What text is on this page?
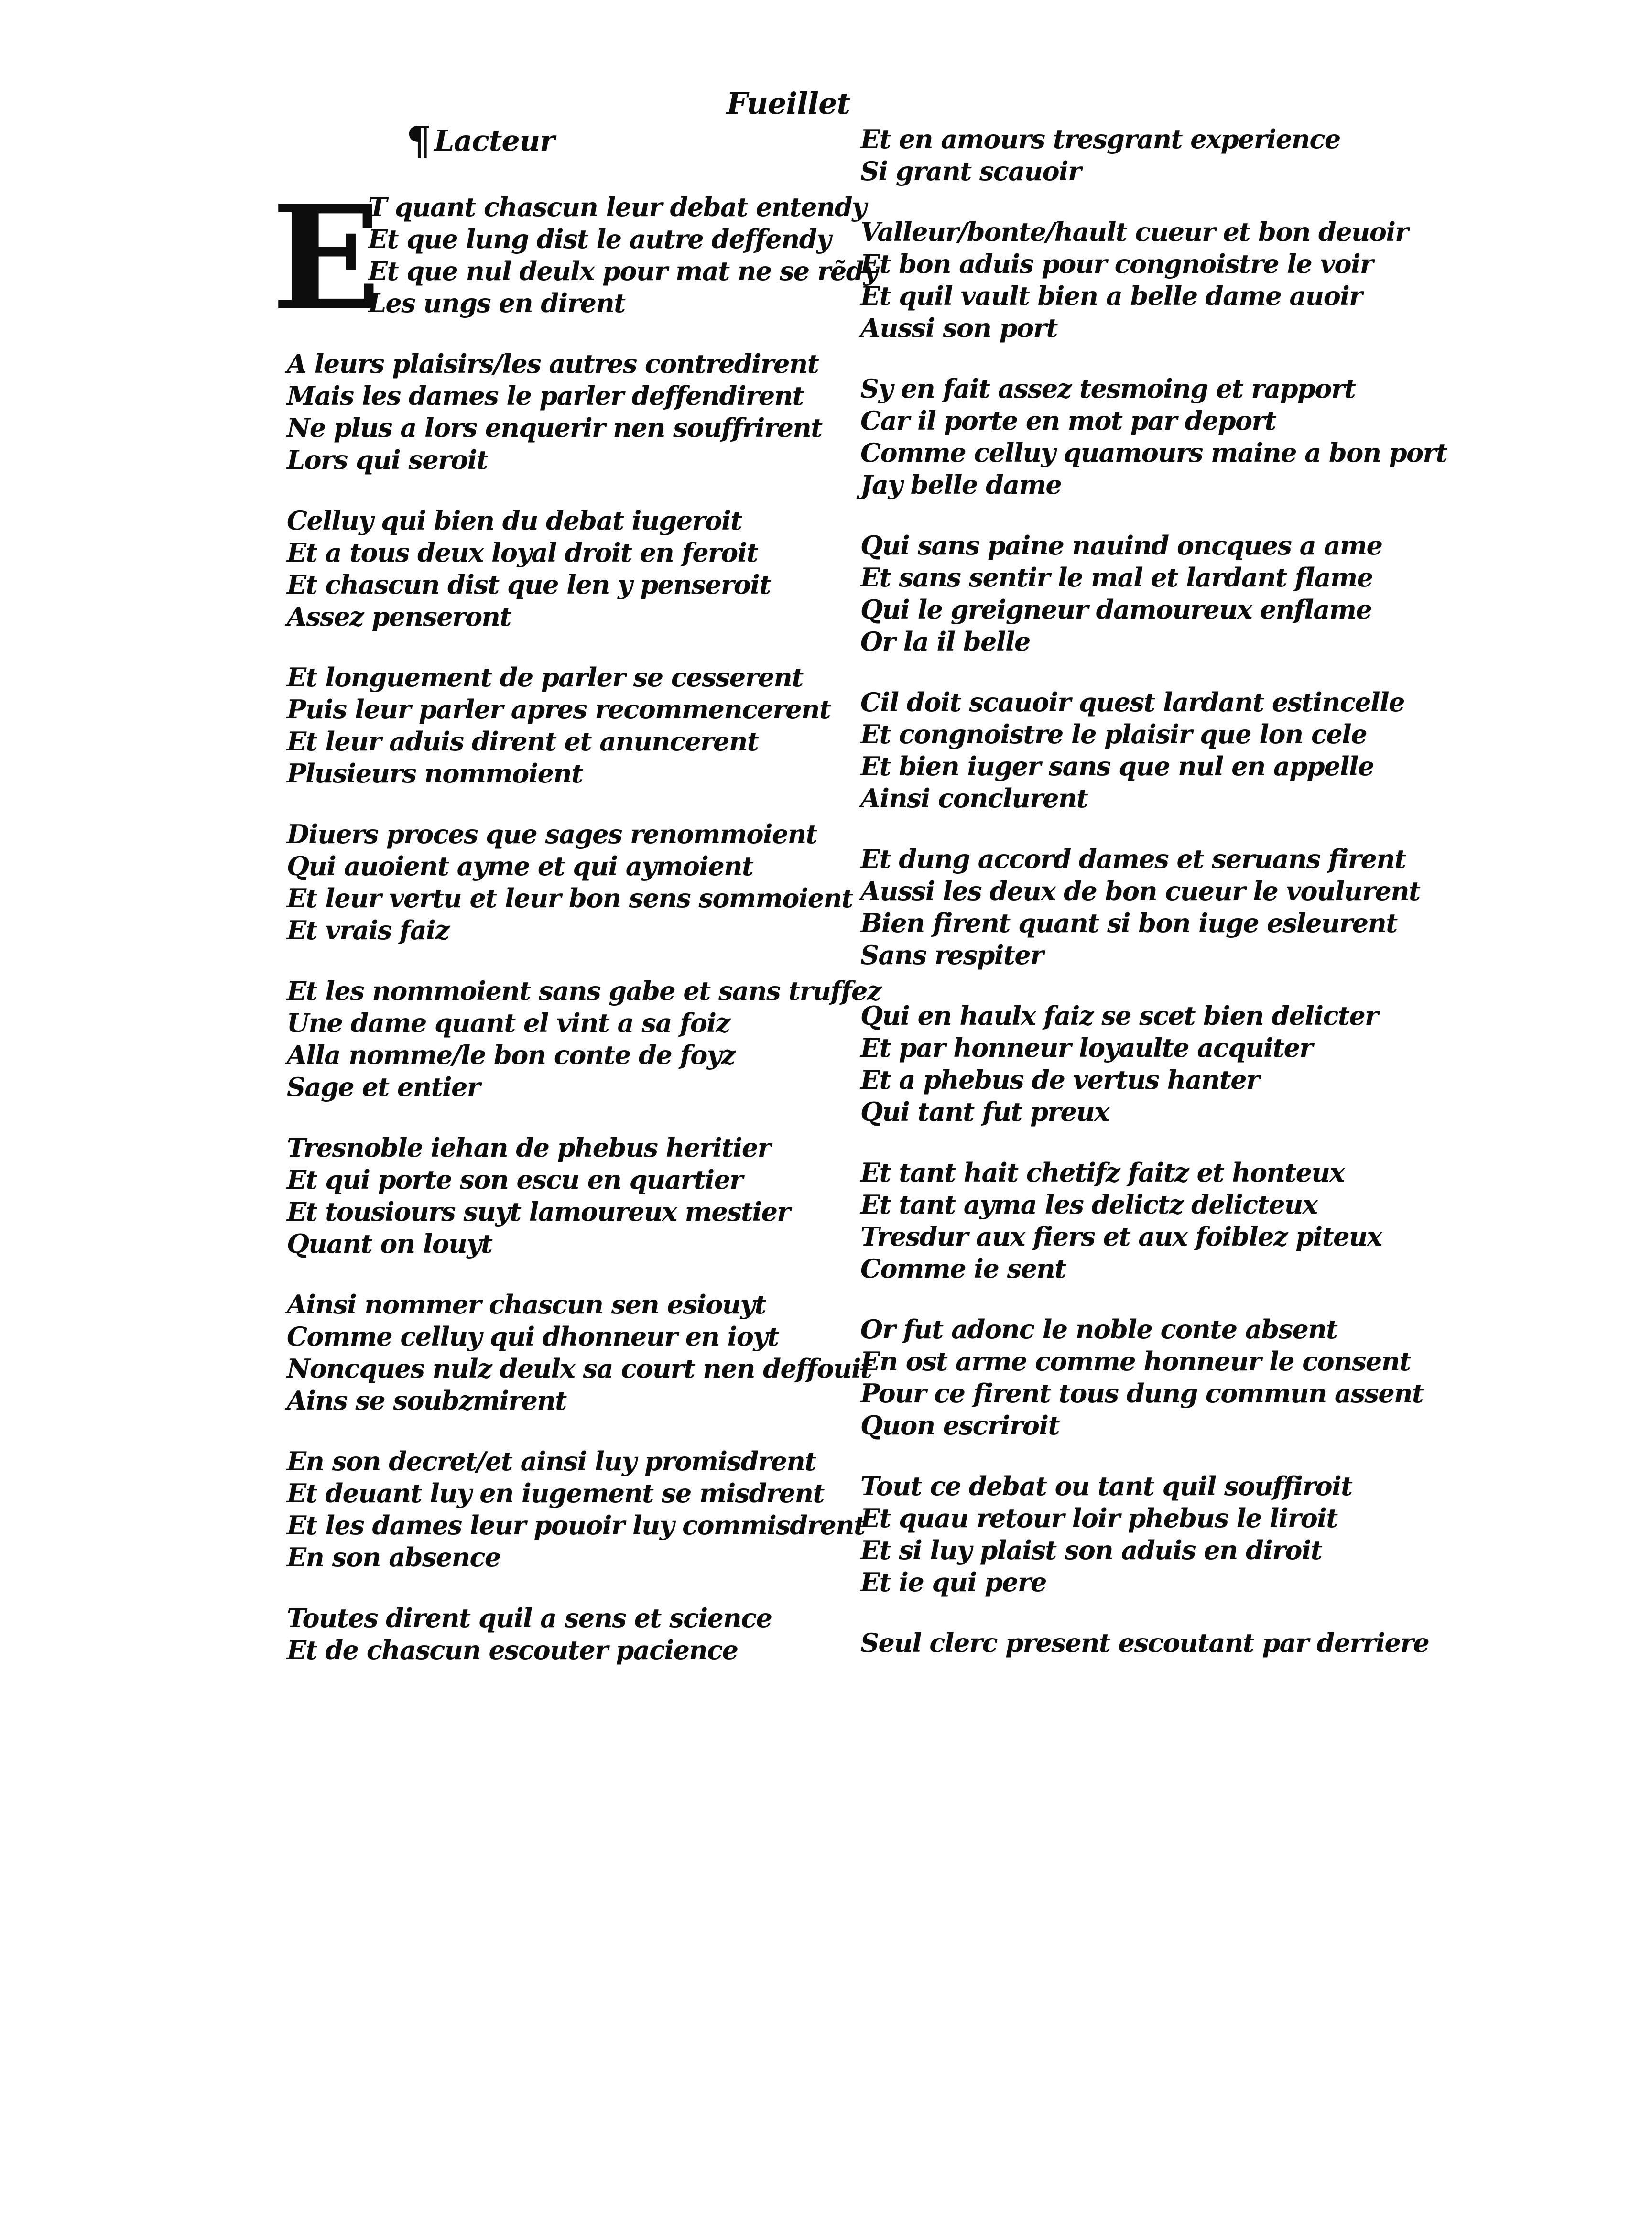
Fueillet
¶ Lacteur
E
T quant chascun leur debat entendy
Et que lung dist le autre deffendy
Et que nul deulx pour mat ne se rẽdy
Les ungs en dirent
A leurs plaisirs/les autres contredirent
Mais les dames le parler deffendirent
Ne plus a lors enquerir nen souffrirent
Lors qui seroit
Celluy qui bien du debat iugeroit
Et a tous deux loyal droit en feroit
Et chascun dist que len y penseroit
Assez penseront
Et longuement de parler se cesserent
Puis leur parler apres recommencerent
Et leur aduis dirent et anuncerent
Plusieurs nommoient
Diuers proces que sages renommoient
Qui auoient ayme et qui aymoient
Et leur vertu et leur bon sens sommoient
Et vrais faiz
Et les nommoient sans gabe et sans truffez
Une dame quant el vint a sa foiz
Alla nomme/le bon conte de foyz
Sage et entier
Tresnoble iehan de phebus heritier
Et qui porte son escu en quartier
Et tousiours suyt lamoureux mestier
Quant on louyt
Ainsi nommer chascun sen esiouyt
Comme celluy qui dhonneur en ioyt
Noncques nulz deulx sa court nen deffouit
Ains se soubzmirent
En son decret/et ainsi luy promisdrent
Et deuant luy en iugement se misdrent
Et les dames leur pouoir luy commisdrent
En son absence
Toutes dirent quil a sens et science
Et de chascun escouter pacience
Et en amours tresgrant experience
Si grant scauoir
Valleur/bonte/hault cueur et bon deuoir
Et bon aduis pour congnoistre le voir
Et quil vault bien a belle dame auoir
Aussi son port
Sy en fait assez tesmoing et rapport
Car il porte en mot par deport
Comme celluy quamours maine a bon port
Jay belle dame
Qui sans paine nauind oncques a ame
Et sans sentir le mal et lardant flame
Qui le greigneur damoureux enflame
Or la il belle
Cil doit scauoir quest lardant estincelle
Et congnoistre le plaisir que lon cele
Et bien iuger sans que nul en appelle
Ainsi conclurent
Et dung accord dames et seruans firent
Aussi les deux de bon cueur le voulurent
Bien firent quant si bon iuge esleurent
Sans respiter
Qui en haulx faiz se scet bien delicter
Et par honneur loyaulte acquiter
Et a phebus de vertus hanter
Qui tant fut preux
Et tant hait chetifz faitz et honteux
Et tant ayma les delictz delicteux
Tresdur aux fiers et aux foiblez piteux
Comme ie sent
Or fut adonc le noble conte absent
En ost arme comme honneur le consent
Pour ce firent tous dung commun assent
Quon escriroit
Tout ce debat ou tant quil souffiroit
Et quau retour loir phebus le liroit
Et si luy plaist son aduis en diroit
Et ie qui pere
Seul clerc present escoutant par derriere
